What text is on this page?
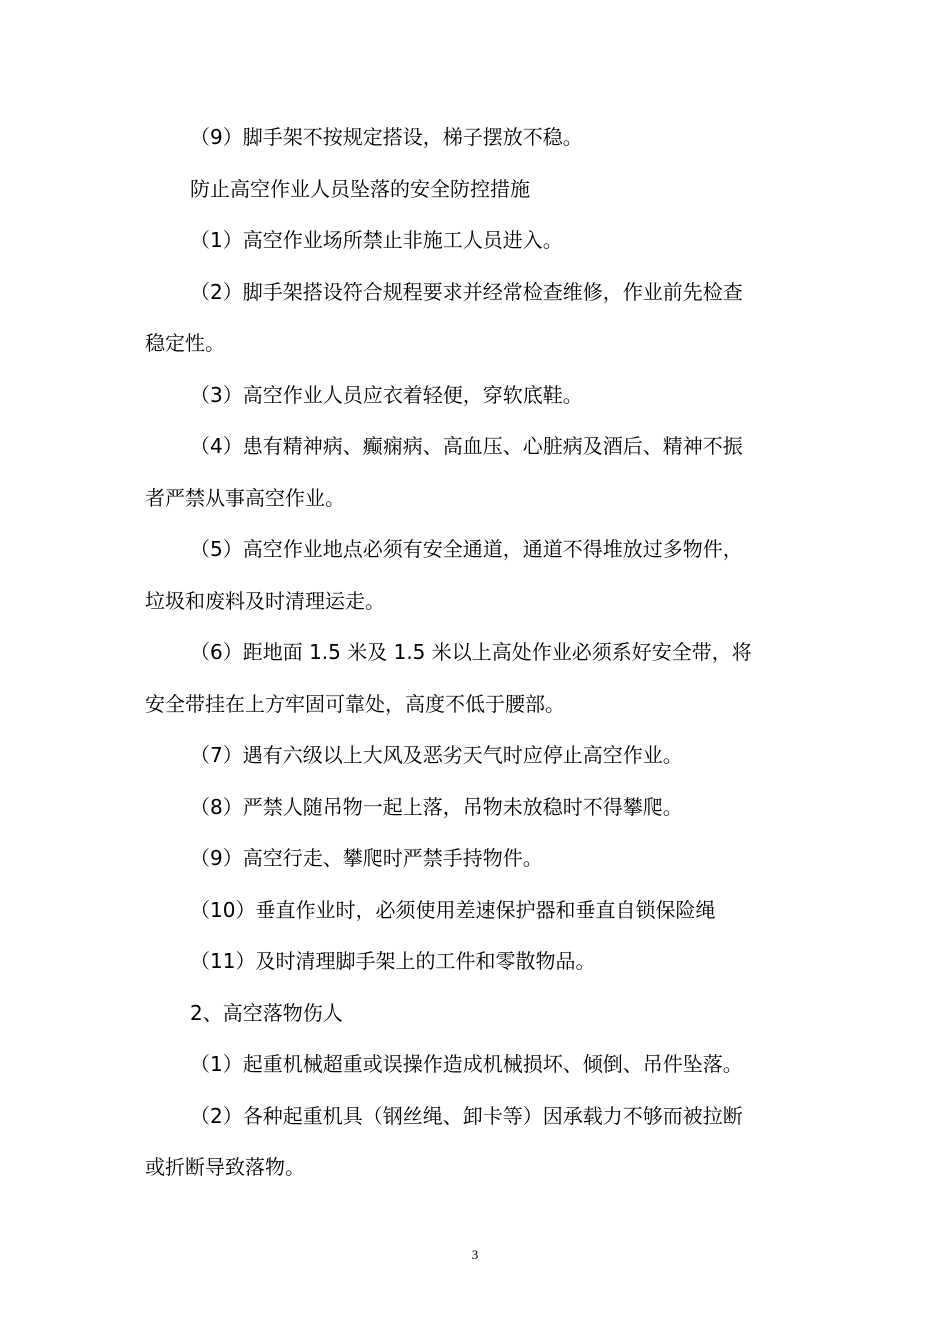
（9）脚手架不按规定搭设，梯子摆放不稳。
防止高空作业人员坠落的安全防控措施
（1）高空作业场所禁止非施工人员进入。
（2）脚手架搭设符合规程要求并经常检查维修，作业前先检查
稳定性。
（3）高空作业人员应衣着轻便，穿软底鞋。
（4）患有精神病、癫痫病、高血压、心脏病及酒后、精神不振
者严禁从事高空作业。
（5）高空作业地点必须有安全通道，通道不得堆放过多物件，
垃圾和废料及时清理运走。
（6）距地面 1.5 米及 1.5 米以上高处作业必须系好安全带，将
安全带挂在上方牢固可靠处，高度不低于腰部。
（7）遇有六级以上大风及恶劣天气时应停止高空作业。
（8）严禁人随吊物一起上落，吊物未放稳时不得攀爬。
（9）高空行走、攀爬时严禁手持物件。
（10）垂直作业时，必须使用差速保护器和垂直自锁保险绳
（11）及时清理脚手架上的工件和零散物品。
2、高空落物伤人
（1）起重机械超重或误操作造成机械损坏、倾倒、吊件坠落。
（2）各种起重机具（钢丝绳、卸卡等）因承载力不够而被拉断
或折断导致落物。
3
